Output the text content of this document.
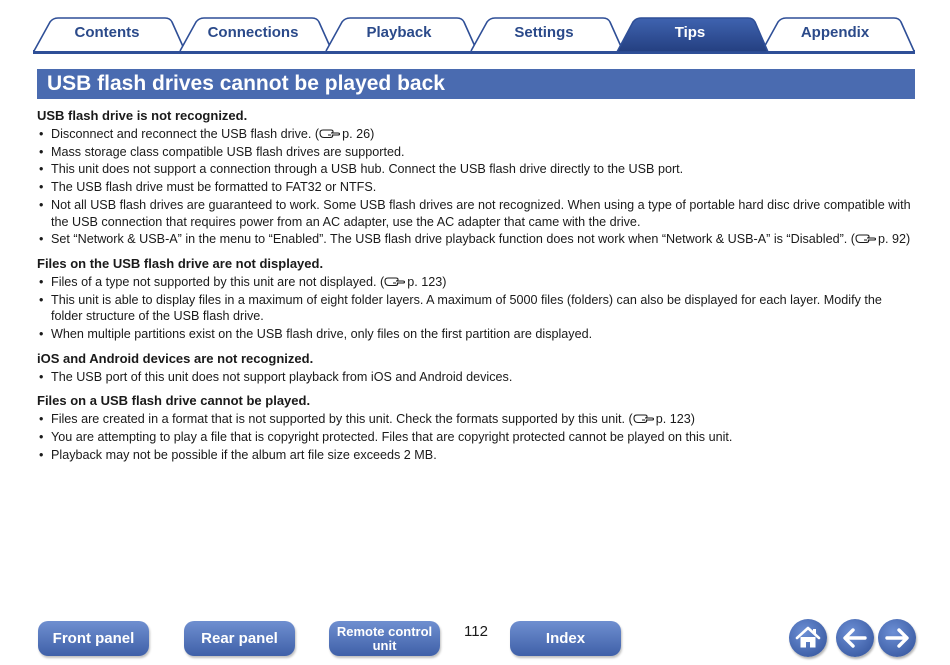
Contents	Connections	Playback	Settings	Tips	Appendix
USB flash drives cannot be played back
USB flash drive is not recognized.
• Disconnect and reconnect the USB flash drive. ( p. 26)
• Mass storage class compatible USB flash drives are supported.
• This unit does not support a connection through a USB hub. Connect the USB flash drive directly to the USB port.
• The USB flash drive must be formatted to FAT32 or NTFS.
• Not all USB flash drives are guaranteed to work. Some USB flash drives are not recognized. When using a type of portable hard disc drive compatible with the USB connection that requires power from an AC adapter, use the AC adapter that came with the drive.
• Set “Network & USB-A” in the menu to “Enabled”. The USB flash drive playback function does not work when “Network & USB-A” is “Disabled”. ( p. 92)
Files on the USB flash drive are not displayed.
• Files of a type not supported by this unit are not displayed. ( p. 123)
• This unit is able to display files in a maximum of eight folder layers. A maximum of 5000 files (folders) can also be displayed for each layer. Modify the folder structure of the USB flash drive.
• When multiple partitions exist on the USB flash drive, only files on the first partition are displayed.
iOS and Android devices are not recognized.
• The USB port of this unit does not support playback from iOS and Android devices.
Files on a USB flash drive cannot be played.
• Files are created in a format that is not supported by this unit. Check the formats supported by this unit. ( p. 123)
• You are attempting to play a file that is copyright protected. Files that are copyright protected cannot be played on this unit.
• Playback may not be possible if the album art file size exceeds 2 MB.
Front panel	Rear panel	Remote control
unit
112	Index
